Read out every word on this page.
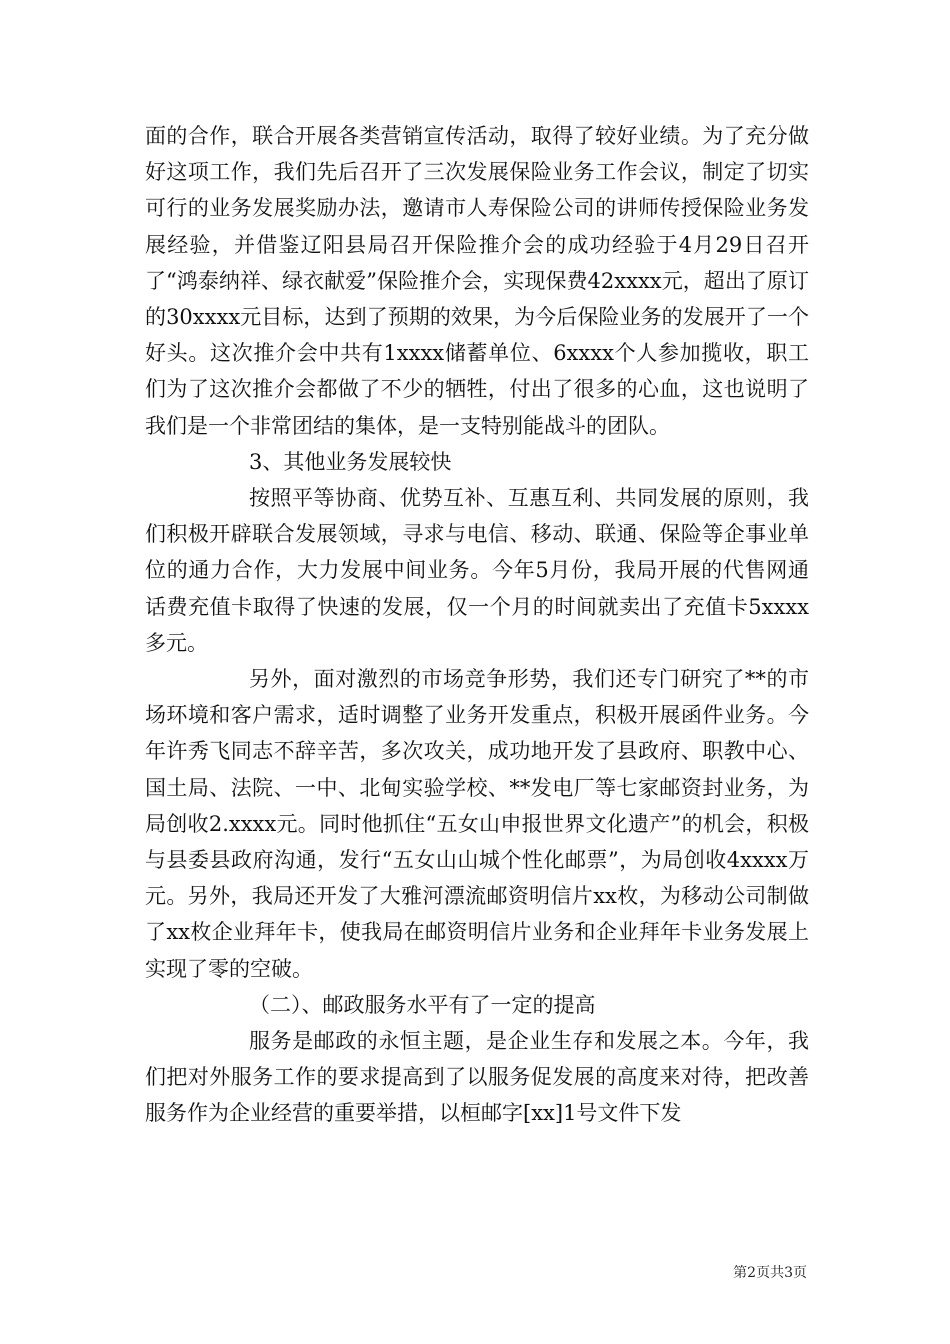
面的合作，联合开展各类营销宣传活动，取得了较好业绩。为了充分做好这项工作，我们先后召开了三次发展保险业务工作会议，制定了切实可行的业务发展奖励办法，邀请市人寿保险公司的讲师传授保险业务发展经验，并借鉴辽阳县局召开保险推介会的成功经验于4月29日召开了“鸿泰纳祥、绿衣献爱”保险推介会，实现保费42xxxx元，超出了原订的30xxxx元目标，达到了预期的效果，为今后保险业务的发展开了一个好头。这次推介会中共有1xxxx储蓄单位、6xxxx个人参加揽收，职工们为了这次推介会都做了不少的牺牲，付出了很多的心血，这也说明了我们是一个非常团结的集体，是一支特别能战斗的团队。

3、其他业务发展较快

按照平等协商、优势互补、互惠互利、共同发展的原则，我们积极开辟联合发展领域，寻求与电信、移动、联通、保险等企事业单位的通力合作，大力发展中间业务。今年5月份，我局开展的代售网通话费充值卡取得了快速的发展，仅一个月的时间就卖出了充值卡5xxxx多元。

另外，面对激烈的市场竞争形势，我们还专门研究了**的市场环境和客户需求，适时调整了业务开发重点，积极开展函件业务。今年许秀飞同志不辞辛苦，多次攻关，成功地开发了县政府、职教中心、国土局、法院、一中、北甸实验学校、**发电厂等七家邮资封业务，为局创收2.xxxx元。同时他抓住“五女山申报世界文化遗产”的机会，积极与县委县政府沟通，发行“五女山山城个性化邮票”，为局创收4xxxx万元。另外，我局还开发了大雅河漂流邮资明信片xx枚，为移动公司制做了xx枚企业拜年卡，使我局在邮资明信片业务和企业拜年卡业务发展上实现了零的空破。

（二）、邮政服务水平有了一定的提高

服务是邮政的永恒主题，是企业生存和发展之本。今年，我们把对外服务工作的要求提高到了以服务促发展的高度来对待，把改善服务作为企业经营的重要举措，以桓邮字[xx]1号文件下发

第2页共3页
